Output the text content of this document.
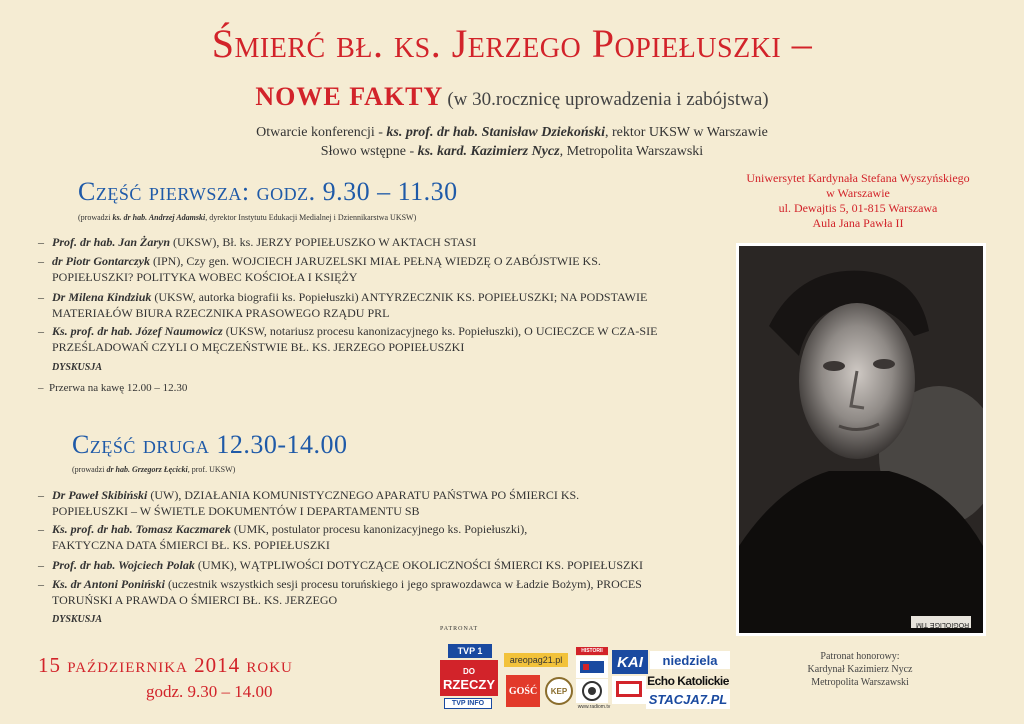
Śmierć bł. ks. Jerzego Popiełuszki –
NOWE FAKTY (w 30.rocznicę uprowadzenia i zabójstwa)
Otwarcie konferencji - ks. prof. dr hab. Stanisław Dziekoński, rektor UKSW w Warszawie
Słowo wstępne - ks. kard. Kazimierz Nycz, Metropolita Warszawski
Część pierwsza: godz. 9.30 – 11.30
(prowadzi ks. dr hab. Andrzej Adamski, dyrektor Instytutu Edukacji Medialnej i Dziennikarstwa UKSW)
– Prof. dr hab. Jan Żaryn (UKSW), Bł. ks. JERZY POPIEŁUSZKO W AKTACH STASI
– dr Piotr Gontarczyk (IPN), Czy gen. WOJCIECH JARUZELSKI MIAŁ PEŁNĄ WIEDZĘ O ZABÓJSTWIE KS. POPIEŁUSZKI? POLITYKA WOBEC KOŚCIOŁA I KSIĘŻY
– Dr Milena Kindziuk (UKSW, autorka biografii ks. Popiełuszki) ANTYRZECZNIK KS. POPIEŁUSZKI; NA PODSTAWIE MATERIAŁÓW BIURA RZECZNIKA PRASOWEGO RZĄDU PRL
– Ks. prof. dr hab. Józef Naumowicz (UKSW, notariusz procesu kanonizacyjnego ks. Popiełuszki), O UCIECZCE W CZA-SIE PRZEŚLADOWAŃ CZYLI O MĘCZEŃSTWIE BŁ. KS. JERZEGO POPIEŁUSZKI
DYSKUSJA
–  Przerwa na kawę 12.00 – 12.30
Część druga 12.30-14.00
(prowadzi dr hab. Grzegorz Łęcicki, prof. UKSW)
– Dr Paweł Skibiński (UW), DZIAŁANIA KOMUNISTYCZNEGO APARATU PAŃSTWA PO ŚMIERCI KS. POPIEŁUSZKI – W ŚWIETLE DOKUMENTÓW I DEPARTAMENTU SB
– Ks. prof. dr hab. Tomasz Kaczmarek (UMK, postulator procesu kanonizacyjnego ks. Popiełuszki), FAKTYCZNA DATA ŚMIERCI BŁ. KS. POPIEŁUSZKI
– Prof. dr hab. Wojciech Polak (UMK), WĄTPLIWOŚCI DOTYCZĄCE OKOLICZNOŚCI ŚMIERCI KS. POPIEŁUSZKI
– Ks. dr Antoni Poniński (uczestnik wszystkich sesji procesu toruńskiego i jego sprawozdawca w Ładzie Bożym), PROCES TORUŃSKI A PRAWDA O ŚMIERCI BŁ. KS. JERZEGO
DYSKUSJA
Uniwersytet Kardynała Stefana Wyszyńskiego
w Warszawie
ul. Dewajtis 5, 01-815 Warszawa
Aula Jana Pawła II
ROGIOLIGE TIM
15 października 2014 roku
godz. 9.30 – 14.00
PATRONAT
TVP 1
DO
RZECZY
TVP INFO
areopag21.pl
GOŚĆ	KEP
HISTORII
www.radiom.tv
KAI	niedziela
Echo Katolickie
STACJA7.PL
Patronat honorowy:
Kardynał Kazimierz Nycz
Metropolita Warszawski
